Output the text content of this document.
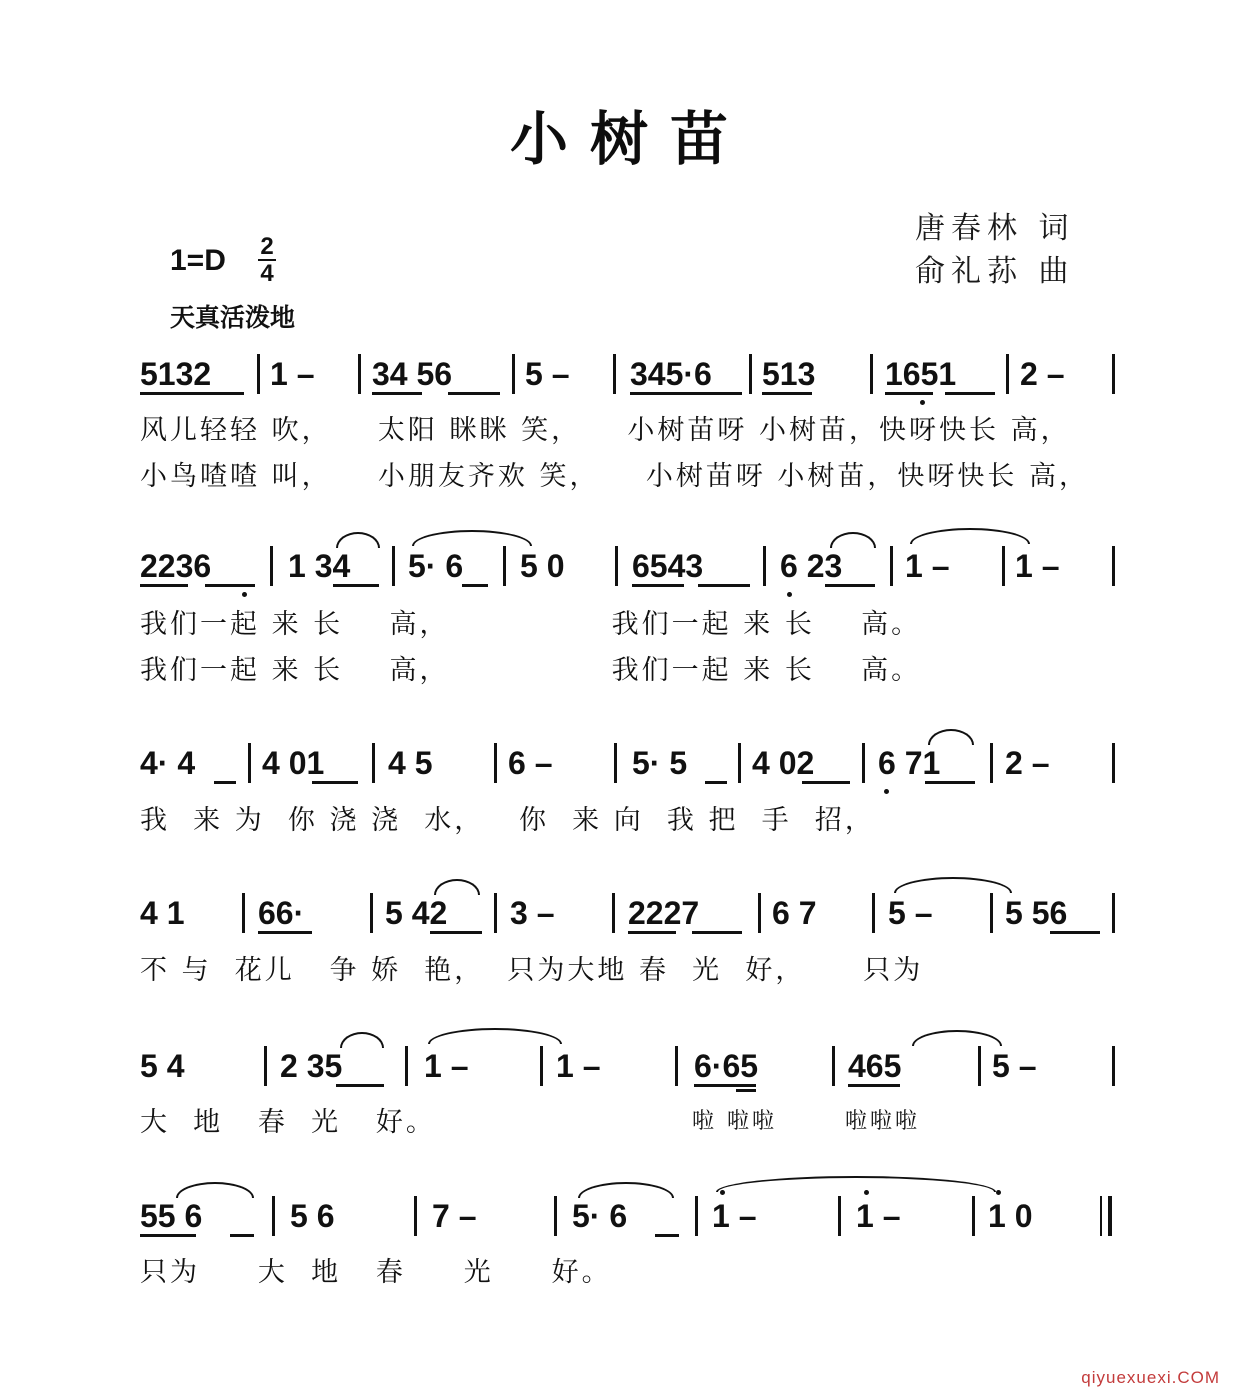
小树苗
唐春林 词
俞礼荪 曲
1=D 2
4
天真活泼地
5132 1 – 34 56 5 – 345·6 513 1651 2 –
风儿轻轻 吹，    太阳 眯眯 笑，    小树苗呀 小树苗，快呀快长 高，
小鸟喳喳 叫，    小朋友齐欢 笑，    小树苗呀 小树苗，快呀快长 高，
2236 1 34 5· 6 5 0 6543 6 23 1 – 1 –
我们一起 来 长    高，              我们一起 来 长    高。
我们一起 来 长    高，              我们一起 来 长    高。
4· 4 4 01 4 5 6 – 5· 5 4 02 6 71 2 –
我  来 为  你 浇 浇  水，   你  来 向  我 把  手  招，
4 1 66·	5 42 3 – 2227 6 7 5 – 5 56
不 与  花儿   争 娇  艳，  只为大地 春  光  好，     只为
5 4	2 35	1 –	1 –	6·65	465	5 –
大  地   春  光   好。	啦 啦啦	啦啦啦
55 6	5 6	7 –	5· 6	1 –	1 –	1 0
只为     大  地   春     光     好。
qiyuexuexi.COM
